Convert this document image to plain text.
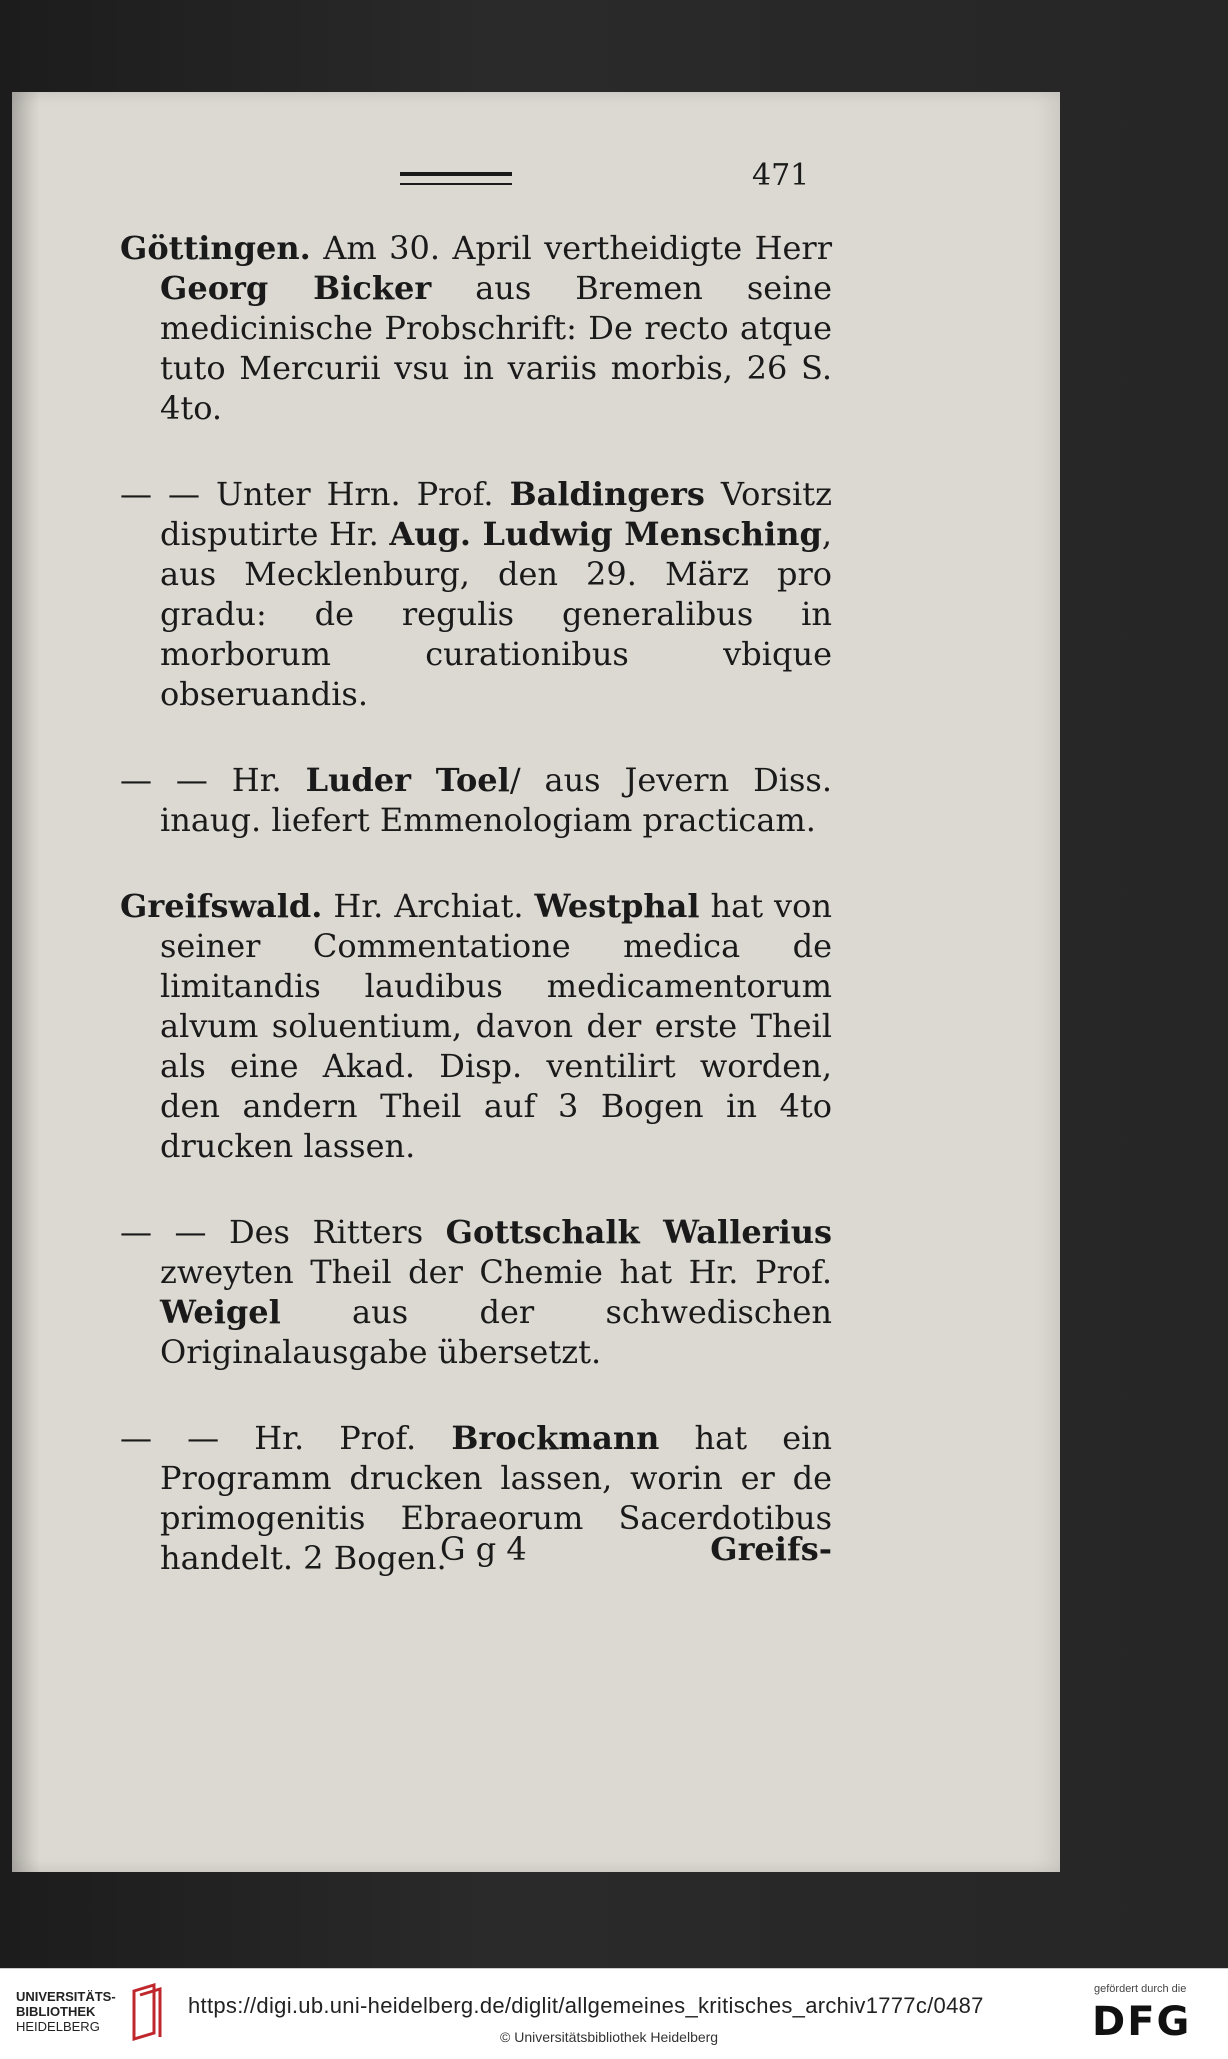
471

Göttingen. Am 30. April vertheidigte Herr Georg Bicker aus Bremen seine medicinische Probschrift: De recto atque tuto Mercurii vsu in variis morbis, 26 S. 4to.

— — Unter Hrn. Prof. Baldingers Vorsitz disputirte Hr. Aug. Ludwig Mensching, aus Mecklenburg, den 29. März pro gradu: de regulis generalibus in morborum curationibus vbique obseruandis.

— — Hr. Luder Toel/ aus Jevern Diss. inaug. liefert Emmenologiam practicam.

Greifswald. Hr. Archiat. Westphal hat von seiner Commentatione medica de limitandis laudibus medicamentorum alvum soluentium, davon der erste Theil als eine Akad. Disp. ventilirt worden, den andern Theil auf 3 Bogen in 4to drucken lassen.

— — Des Ritters Gottschalk Wallerius zweyten Theil der Chemie hat Hr. Prof. Weigel aus der schwedischen Originalausgabe übersetzt.

— — Hr. Prof. Brockmann hat ein Programm drucken lassen, worin er de primogenitis Ebraeorum Sacerdotibus handelt. 2 Bogen.

G g 4	Greifs-
UNIVERSITÄTS-
BIBLIOTHEK
HEIDELBERG
https://digi.ub.uni-heidelberg.de/diglit/allgemeines_kritisches_archiv1777c/0487
© Universitätsbibliothek Heidelberg
gefördert durch die
DFG
